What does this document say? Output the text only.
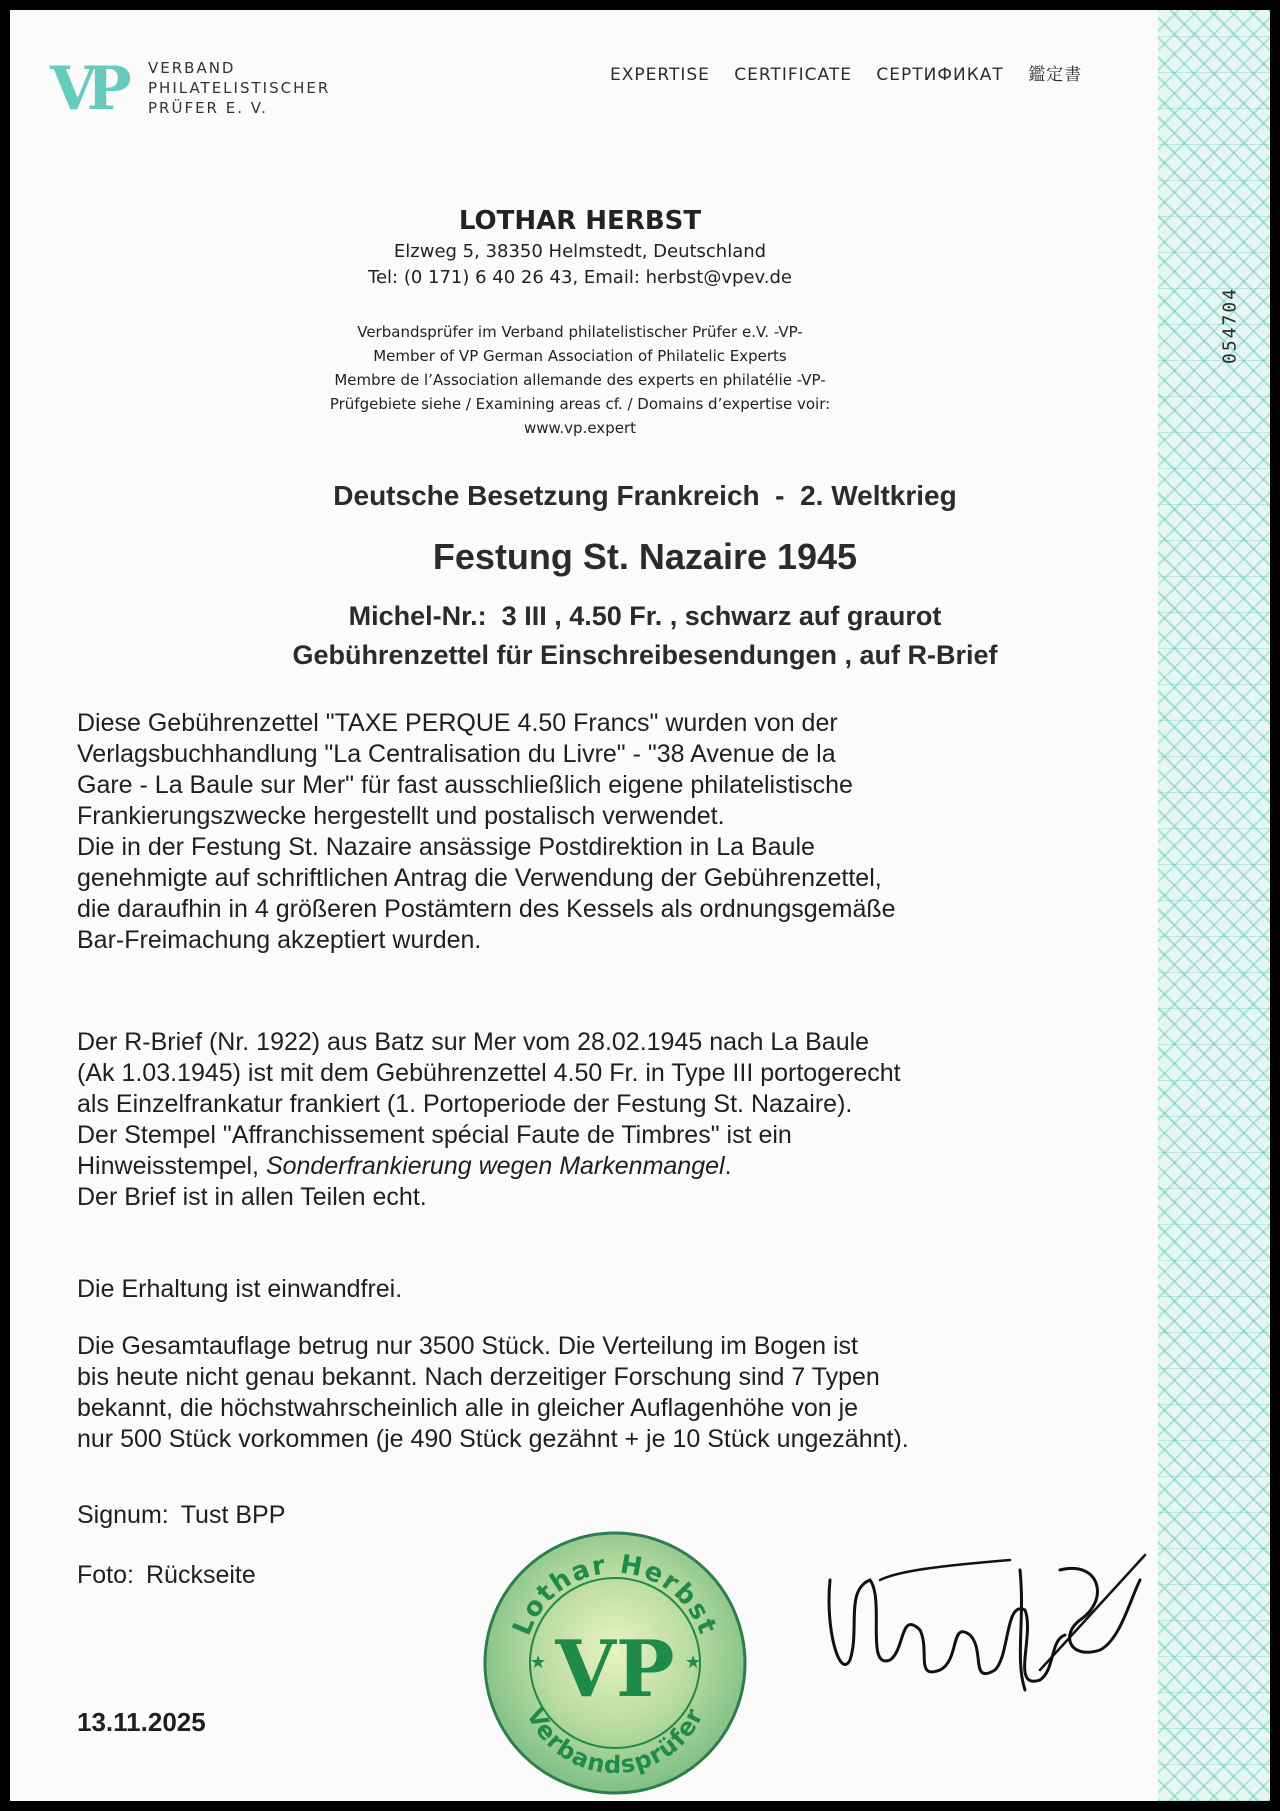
054704
VP	VERBAND
PHILATELISTISCHER
PRÜFER E. V.
EXPERTISE CERTIFICATE СЕРТИФИКАТ 鑑定書
LOTHAR HERBST
Elzweg 5, 38350 Helmstedt, Deutschland
Tel: (0 171) 6 40 26 43, Email: herbst@vpev.de
Verbandsprüfer im Verband philatelistischer Prüfer e.V. -VP-
Member of VP German Association of Philatelic Experts
Membre de l’Association allemande des experts en philatélie -VP-
Prüfgebiete siehe / Examining areas cf. / Domains d’expertise voir:
www.vp.expert
Deutsche Besetzung Frankreich  -  2. Weltkrieg
Festung St. Nazaire 1945
Michel-Nr.:  3 III , 4.50 Fr. , schwarz auf graurot
Gebührenzettel für Einschreibesendungen , auf R-Brief
Diese Gebührenzettel "TAXE PERQUE 4.50 Francs" wurden von der
Verlagsbuchhandlung "La Centralisation du Livre" - "38 Avenue de la
Gare - La Baule sur Mer" für fast ausschließlich eigene philatelistische
Frankierungszwecke hergestellt und postalisch verwendet.
Die in der Festung St. Nazaire ansässige Postdirektion in La Baule
genehmigte auf schriftlichen Antrag die Verwendung der Gebührenzettel,
die daraufhin in 4 größeren Postämtern des Kessels als ordnungsgemäße
Bar-Freimachung akzeptiert wurden.
Der R-Brief (Nr. 1922) aus Batz sur Mer vom 28.02.1945 nach La Baule
(Ak 1.03.1945) ist mit dem Gebührenzettel 4.50 Fr. in Type III portogerecht
als Einzelfrankatur frankiert (1. Portoperiode der Festung St. Nazaire).
Der Stempel "Affranchissement spécial Faute de Timbres" ist ein
Hinweisstempel, Sonderfrankierung wegen Markenmangel.
Der Brief ist in allen Teilen echt.
Die Erhaltung ist einwandfrei.
Die Gesamtauflage betrug nur 3500 Stück. Die Verteilung im Bogen ist
bis heute nicht genau bekannt. Nach derzeitiger Forschung sind 7 Typen
bekannt, die höchstwahrscheinlich alle in gleicher Auflagenhöhe von je
nur 500 Stück vorkommen (je 490 Stück gezähnt + je 10 Stück ungezähnt).
Signum: Tust BPP
Foto: Rückseite
13.11.2025
Lothar Herbst
Verbandsprüfer
VP
★	★
